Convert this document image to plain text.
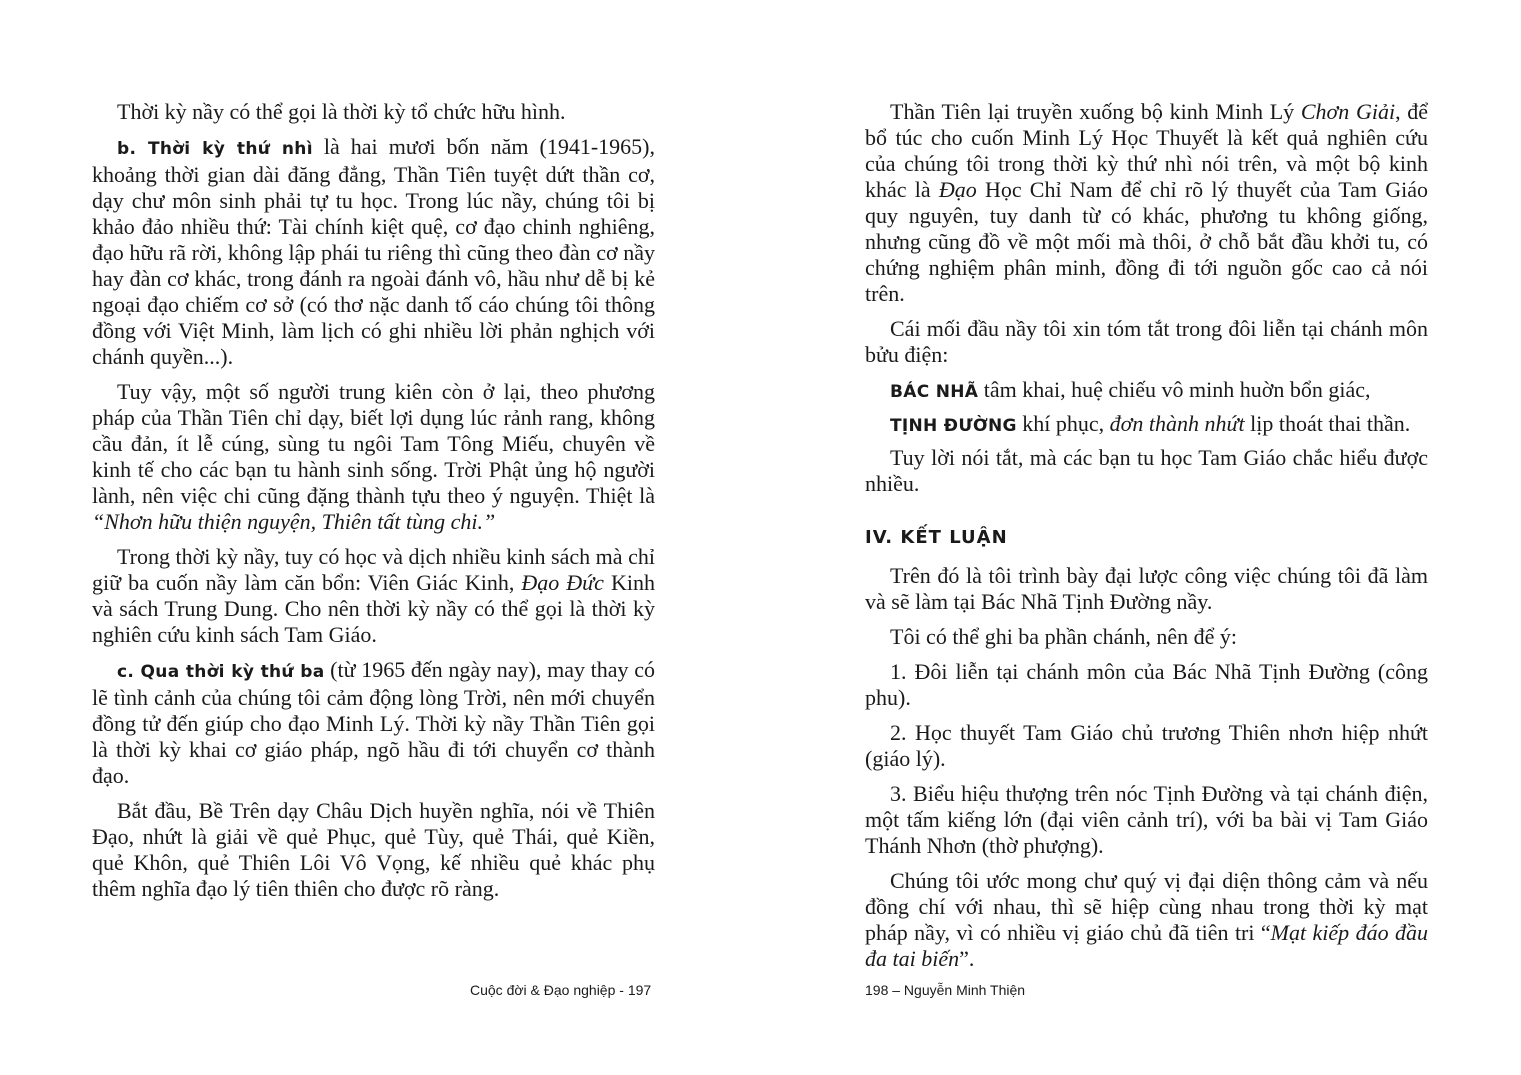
Thời kỳ nầy có thể gọi là thời kỳ tổ chức hữu hình.

b. Thời kỳ thứ nhì là hai mươi bốn năm (1941-1965), khoảng thời gian dài đăng đẳng, Thần Tiên tuyệt dứt thần cơ, dạy chư môn sinh phải tự tu học. Trong lúc nầy, chúng tôi bị khảo đảo nhiều thứ: Tài chính kiệt quệ, cơ đạo chinh nghiêng, đạo hữu rã rời, không lập phái tu riêng thì cũng theo đàn cơ nầy hay đàn cơ khác, trong đánh ra ngoài đánh vô, hầu như dễ bị kẻ ngoại đạo chiếm cơ sở (có thơ nặc danh tố cáo chúng tôi thông đồng với Việt Minh, làm lịch có ghi nhiều lời phản nghịch với chánh quyền...).

Tuy vậy, một số người trung kiên còn ở lại, theo phương pháp của Thần Tiên chỉ dạy, biết lợi dụng lúc rảnh rang, không cầu đản, ít lễ cúng, sùng tu ngôi Tam Tông Miếu, chuyên về kinh tế cho các bạn tu hành sinh sống. Trời Phật ủng hộ người lành, nên việc chi cũng đặng thành tựu theo ý nguyện. Thiệt là “Nhơn hữu thiện nguyện, Thiên tất tùng chi.”

Trong thời kỳ nầy, tuy có học và dịch nhiều kinh sách mà chỉ giữ ba cuốn nầy làm căn bổn: Viên Giác Kinh, Đạo Đức Kinh và sách Trung Dung. Cho nên thời kỳ nầy có thể gọi là thời kỳ nghiên cứu kinh sách Tam Giáo.

c. Qua thời kỳ thứ ba (từ 1965 đến ngày nay), may thay có lẽ tình cảnh của chúng tôi cảm động lòng Trời, nên mới chuyển đồng tử đến giúp cho đạo Minh Lý. Thời kỳ nầy Thần Tiên gọi là thời kỳ khai cơ giáo pháp, ngõ hầu đi tới chuyển cơ thành đạo.

Bắt đầu, Bề Trên dạy Châu Dịch huyền nghĩa, nói về Thiên Đạo, nhứt là giải về quẻ Phục, quẻ Tùy, quẻ Thái, quẻ Kiền, quẻ Khôn, quẻ Thiên Lôi Vô Vọng, kế nhiều quẻ khác phụ thêm nghĩa đạo lý tiên thiên cho được rõ ràng.

Thần Tiên lại truyền xuống bộ kinh Minh Lý Chơn Giải, để bổ túc cho cuốn Minh Lý Học Thuyết là kết quả nghiên cứu của chúng tôi trong thời kỳ thứ nhì nói trên, và một bộ kinh khác là Đạo Học Chỉ Nam để chỉ rõ lý thuyết của Tam Giáo quy nguyên, tuy danh từ có khác, phương tu không giống, nhưng cũng đồ về một mối mà thôi, ở chỗ bắt đầu khởi tu, có chứng nghiệm phân minh, đồng đi tới nguồn gốc cao cả nói trên.

Cái mối đầu nầy tôi xin tóm tắt trong đôi liễn tại chánh môn bửu điện:

BÁC NHÃ tâm khai, huệ chiếu vô minh huờn bổn giác,

TỊNH ĐƯỜNG khí phục, đơn thành nhứt lịp thoát thai thần.

Tuy lời nói tắt, mà các bạn tu học Tam Giáo chắc hiểu được nhiều.

IV. KẾT LUẬN

Trên đó là tôi trình bày đại lược công việc chúng tôi đã làm và sẽ làm tại Bác Nhã Tịnh Đường nầy.

Tôi có thể ghi ba phần chánh, nên để ý:

1. Đôi liễn tại chánh môn của Bác Nhã Tịnh Đường (công phu).

2. Học thuyết Tam Giáo chủ trương Thiên nhơn hiệp nhứt (giáo lý).

3. Biểu hiệu thượng trên nóc Tịnh Đường và tại chánh điện, một tấm kiếng lớn (đại viên cảnh trí), với ba bài vị Tam Giáo Thánh Nhơn (thờ phượng).

Chúng tôi ước mong chư quý vị đại diện thông cảm và nếu đồng chí với nhau, thì sẽ hiệp cùng nhau trong thời kỳ mạt pháp nầy, vì có nhiều vị giáo chủ đã tiên tri “Mạt kiếp đáo đầu đa tai biến”.

Cuộc đời & Đạo nghiệp - 197	198 – Nguyễn Minh Thiện
